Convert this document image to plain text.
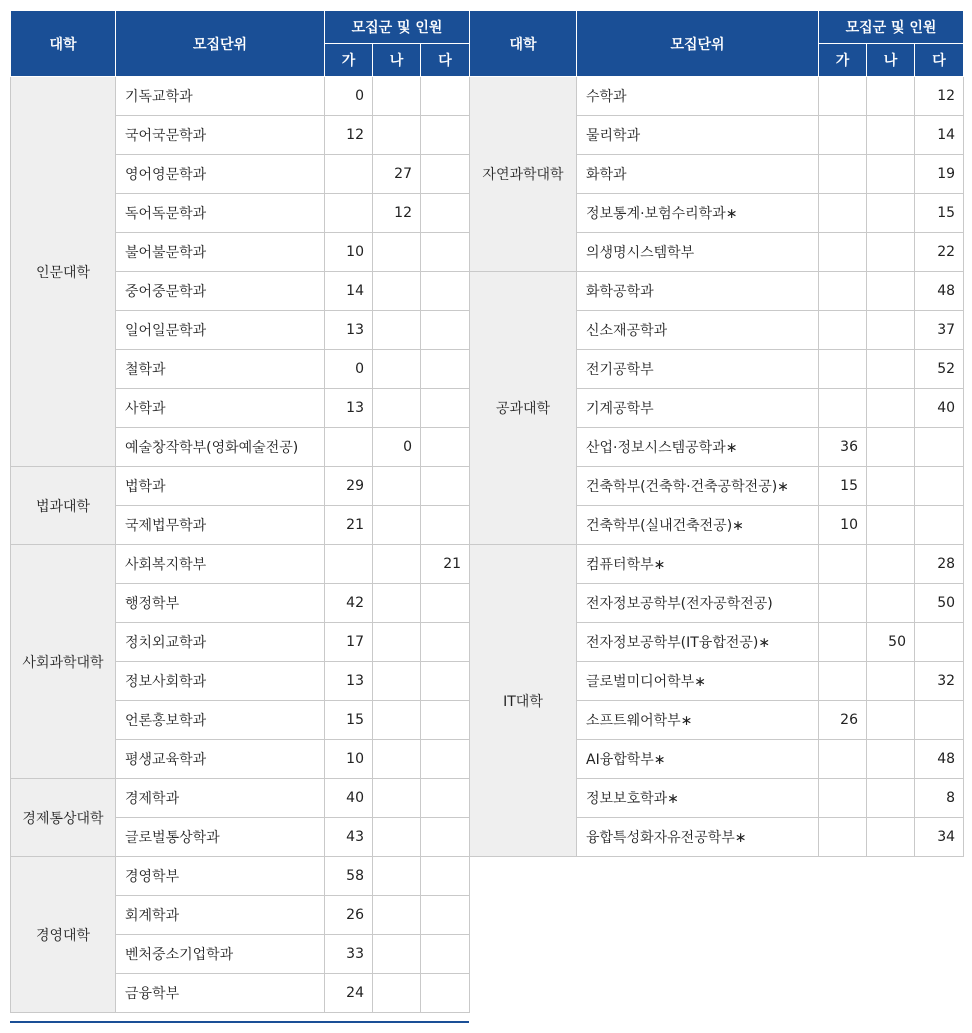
대학	모집단위	모집군 및 인원		
		가	나	다
인문대학	기독교학과	0		
	국어국문학과	12		
	영어영문학과		27	
	독어독문학과		12	
	불어불문학과	10		
	중어중문학과	14		
	일어일문학과	13		
	철학과	0		
	사학과	13		
	예술창작학부(영화예술전공)		0	
법과대학	법학과	29		
	국제법무학과	21		
사회과학대학	사회복지학부			21
	행정학부	42		
	정치외교학과	17		
	정보사회학과	13		
	언론홍보학과	15		
	평생교육학과	10		
경제통상대학	경제학과	40		
	글로벌통상학과	43		
경영대학	경영학부	58		
	회계학과	26		
	벤처중소기업학과	33		
	금융학부	24		
대학	모집단위	모집군 및 인원		
		가	나	다
자연과학대학	수학과			12
	물리학과			14
	화학과			19
	정보통계·보험수리학과∗			15
	의생명시스템학부			22
공과대학	화학공학과			48
	신소재공학과			37
	전기공학부			52
	기계공학부			40
	산업·정보시스템공학과∗	36		
	건축학부(건축학·건축공학전공)∗	15		
	건축학부(실내건축전공)∗	10		
IT대학	컴퓨터학부∗			28
	전자정보공학부(전자공학전공)			50
	전자정보공학부(IT융합전공)∗		50	
	글로벌미디어학부∗			32
	소프트웨어학부∗	26		
	AI융합학부∗			48
	정보보호학과∗			8
	융합특성화자유전공학부∗			34
